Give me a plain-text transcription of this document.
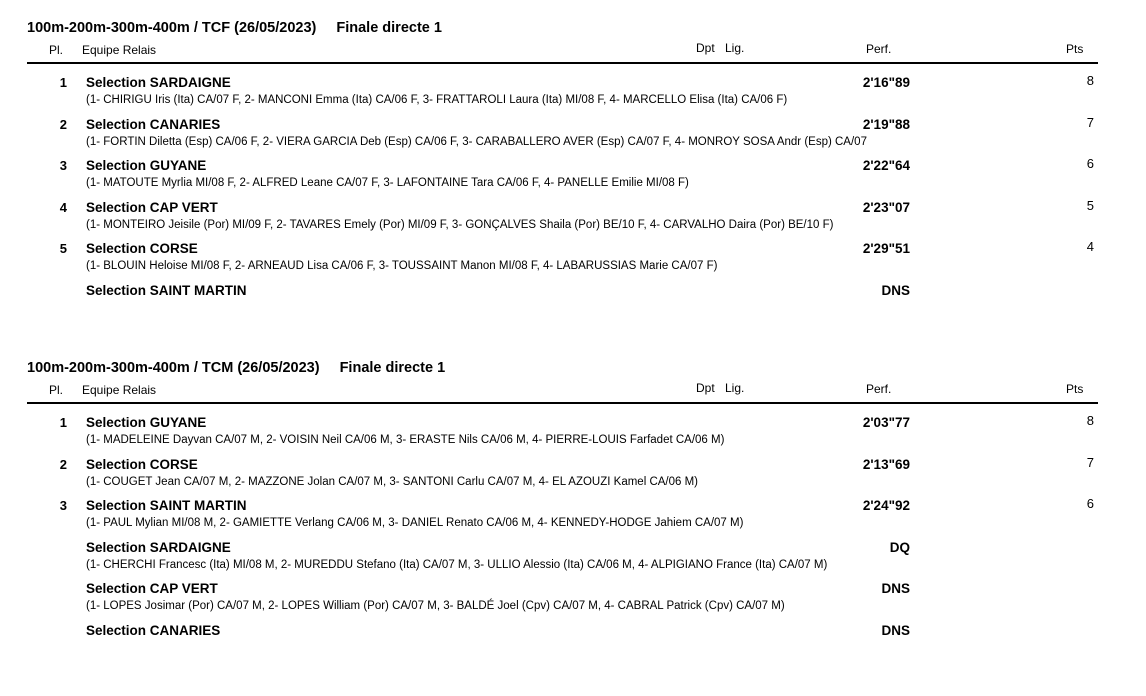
100m-200m-300m-400m / TCF (26/05/2023) Finale directe 1
Pl. Equipe Relais	Dpt Lig.	Perf.	Pts
1 Selection SARDAIGNE	2'16"89	8
(1- CHIRIGU Iris (Ita) CA/07 F, 2- MANCONI Emma (Ita) CA/06 F, 3- FRATTAROLI Laura (Ita) MI/08 F, 4- MARCELLO Elisa (Ita) CA/06 F)
2 Selection CANARIES	2'19"88	7
(1- FORTIN Diletta (Esp) CA/06 F, 2- VIERA GARCIA Deb (Esp) CA/06 F, 3- CARABALLERO AVER (Esp) CA/07 F, 4- MONROY SOSA Andr (Esp) CA/07
3 Selection GUYANE	2'22"64	6
(1- MATOUTE Myrlia MI/08 F, 2- ALFRED Leane CA/07 F, 3- LAFONTAINE Tara CA/06 F, 4- PANELLE Emilie MI/08 F)
4 Selection CAP VERT	2'23"07	5
(1- MONTEIRO Jeisile (Por) MI/09 F, 2- TAVARES Emely (Por) MI/09 F, 3- GONÇALVES Shaila (Por) BE/10 F, 4- CARVALHO Daira (Por) BE/10 F)
5 Selection CORSE	2'29"51	4
(1- BLOUIN Heloise MI/08 F, 2- ARNEAUD Lisa CA/06 F, 3- TOUSSAINT Manon MI/08 F, 4- LABARUSSIAS Marie CA/07 F)
Selection SAINT MARTIN	DNS
100m-200m-300m-400m / TCM (26/05/2023) Finale directe 1
Pl. Equipe Relais	Dpt Lig.	Perf.	Pts
1 Selection GUYANE	2'03"77	8
(1- MADELEINE Dayvan CA/07 M, 2- VOISIN Neil CA/06 M, 3- ERASTE Nils CA/06 M, 4- PIERRE-LOUIS Farfadet CA/06 M)
2 Selection CORSE	2'13"69	7
(1- COUGET Jean CA/07 M, 2- MAZZONE Jolan CA/07 M, 3- SANTONI Carlu CA/07 M, 4- EL AZOUZI Kamel CA/06 M)
3 Selection SAINT MARTIN	2'24"92	6
(1- PAUL Mylian MI/08 M, 2- GAMIETTE Verlang CA/06 M, 3- DANIEL Renato CA/06 M, 4- KENNEDY-HODGE Jahiem CA/07 M)
Selection SARDAIGNE	DQ
(1- CHERCHI Francesc (Ita) MI/08 M, 2- MUREDDU Stefano (Ita) CA/07 M, 3- ULLIO Alessio (Ita) CA/06 M, 4- ALPIGIANO France (Ita) CA/07 M)
Selection CAP VERT	DNS
(1- LOPES Josimar (Por) CA/07 M, 2- LOPES William (Por) CA/07 M, 3- BALDÉ Joel (Cpv) CA/07 M, 4- CABRAL Patrick (Cpv) CA/07 M)
Selection CANARIES	DNS
